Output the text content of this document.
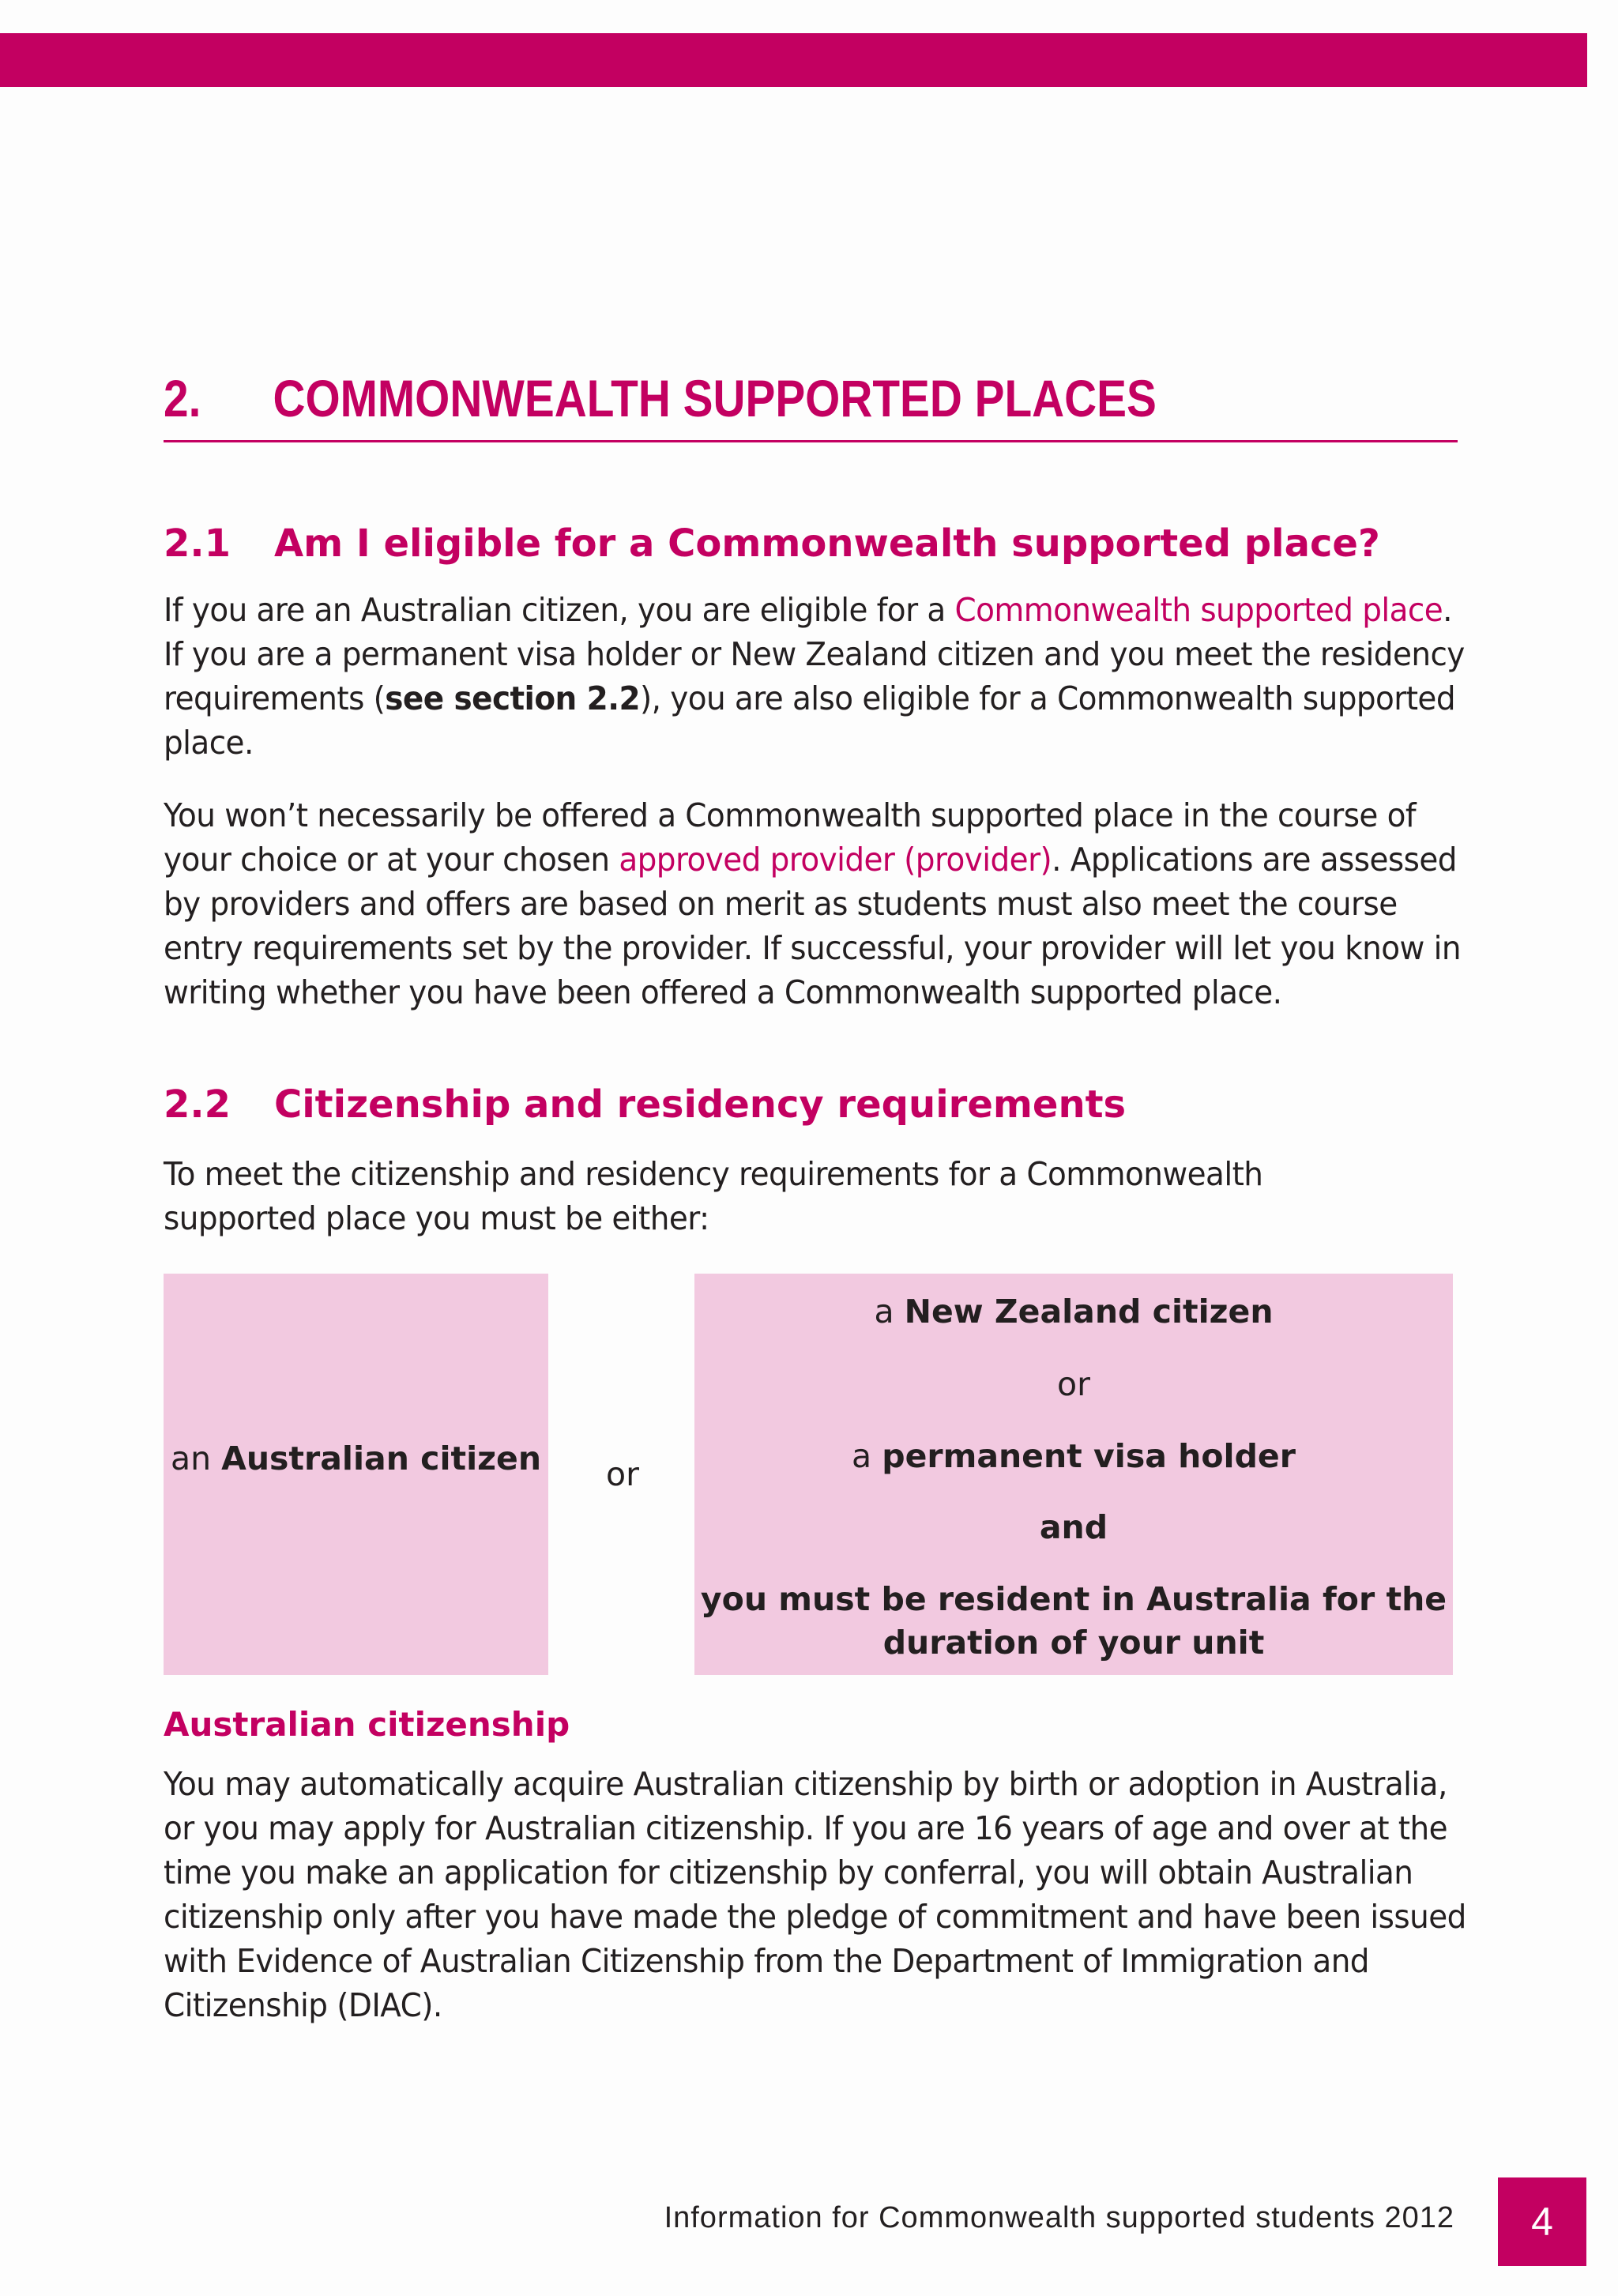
2. COMMONWEALTH SUPPORTED PLACES
2.1 Am I eligible for a Commonwealth supported place?

If you are an Australian citizen, you are eligible for a Commonwealth supported place. If you are a permanent visa holder or New Zealand citizen and you meet the residency requirements (see section 2.2), you are also eligible for a Commonwealth supported place.

You won’t necessarily be offered a Commonwealth supported place in the course of your choice or at your chosen approved provider (provider). Applications are assessed by providers and offers are based on merit as students must also meet the course entry requirements set by the provider. If successful, your provider will let you know in writing whether you have been offered a Commonwealth supported place.

2.2 Citizenship and residency requirements

To meet the citizenship and residency requirements for a Commonwealth supported place you must be either:

an Australian citizen or
a New Zealand citizen
or
a permanent visa holder
and
you must be resident in Australia for the
duration of your unit
Australian citizenship

You may automatically acquire Australian citizenship by birth or adoption in Australia, or you may apply for Australian citizenship. If you are 16 years of age and over at the time you make an application for citizenship by conferral, you will obtain Australian citizenship only after you have made the pledge of commitment and have been issued with Evidence of Australian Citizenship from the Department of Immigration and Citizenship (DIAC).

Information for Commonwealth supported students 2012 4
